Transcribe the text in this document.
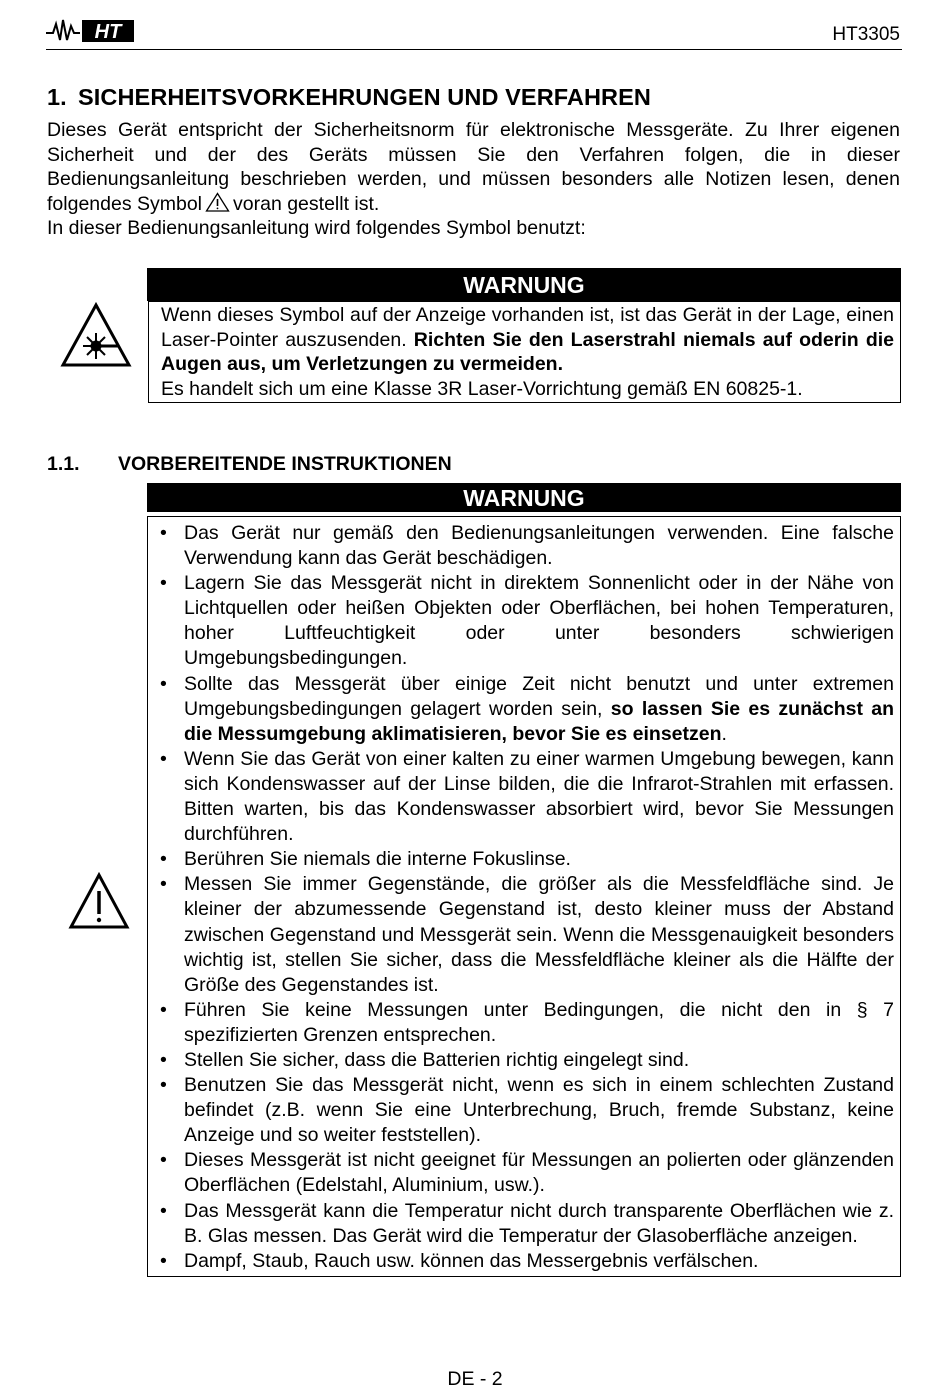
HT	HT3305
1. SICHERHEITSVORKEHRUNGEN UND VERFAHREN

Dieses Gerät entspricht der Sicherheitsnorm für elektronische Messgeräte. Zu Ihrer eigenen Sicherheit und der des Geräts müssen Sie den Verfahren folgen, die in dieser Bedienungsanleitung beschrieben werden, und müssen besonders alle Notizen lesen, denen folgendes Symbol voran gestellt ist.

In dieser Bedienungsanleitung wird folgendes Symbol benutzt:

WARNUNG
Wenn dieses Symbol auf der Anzeige vorhanden ist, ist das Gerät in der Lage, einen Laser-Pointer auszusenden. Richten Sie den Laserstrahl niemals auf oderin die Augen aus, um Verletzungen zu vermeiden.
Es handelt sich um eine Klasse 3R Laser-Vorrichtung gemäß EN 60825-1.
1.1. VORBEREITENDE INSTRUKTIONEN
WARNUNG
• Das Gerät nur gemäß den Bedienungsanleitungen verwenden. Eine falsche Verwendung kann das Gerät beschädigen.
• Lagern Sie das Messgerät nicht in direktem Sonnenlicht oder in der Nähe von Lichtquellen oder heißen Objekten oder Oberflächen, bei hohen Temperaturen, hoher Luftfeuchtigkeit oder unter besonders schwierigen Umgebungsbedingungen.
• Sollte das Messgerät über einige Zeit nicht benutzt und unter extremen Umgebungsbedingungen gelagert worden sein, so lassen Sie es zunächst an die Messumgebung aklimatisieren, bevor Sie es einsetzen.
• Wenn Sie das Gerät von einer kalten zu einer warmen Umgebung bewegen, kann sich Kondenswasser auf der Linse bilden, die die Infrarot-Strahlen mit erfassen. Bitten warten, bis das Kondenswasser absorbiert wird, bevor Sie Messungen durchführen.
• Berühren Sie niemals die interne Fokuslinse.
• Messen Sie immer Gegenstände, die größer als die Messfeldfläche sind. Je kleiner der abzumessende Gegenstand ist, desto kleiner muss der Abstand zwischen Gegenstand und Messgerät sein. Wenn die Messgenauigkeit besonders wichtig ist, stellen Sie sicher, dass die Messfeldfläche kleiner als die Hälfte der Größe des Gegenstandes ist.
• Führen Sie keine Messungen unter Bedingungen, die nicht den in § 7 spezifizierten Grenzen entsprechen.
• Stellen Sie sicher, dass die Batterien richtig eingelegt sind.
• Benutzen Sie das Messgerät nicht, wenn es sich in einem schlechten Zustand befindet (z.B. wenn Sie eine Unterbrechung, Bruch, fremde Substanz, keine Anzeige und so weiter feststellen).
• Dieses Messgerät ist nicht geeignet für Messungen an polierten oder glänzenden Oberflächen (Edelstahl, Aluminium, usw.).
• Das Messgerät kann die Temperatur nicht durch transparente Oberflächen wie z. B. Glas messen. Das Gerät wird die Temperatur der Glasoberfläche anzeigen.
• Dampf, Staub, Rauch usw. können das Messergebnis verfälschen.
DE - 2
